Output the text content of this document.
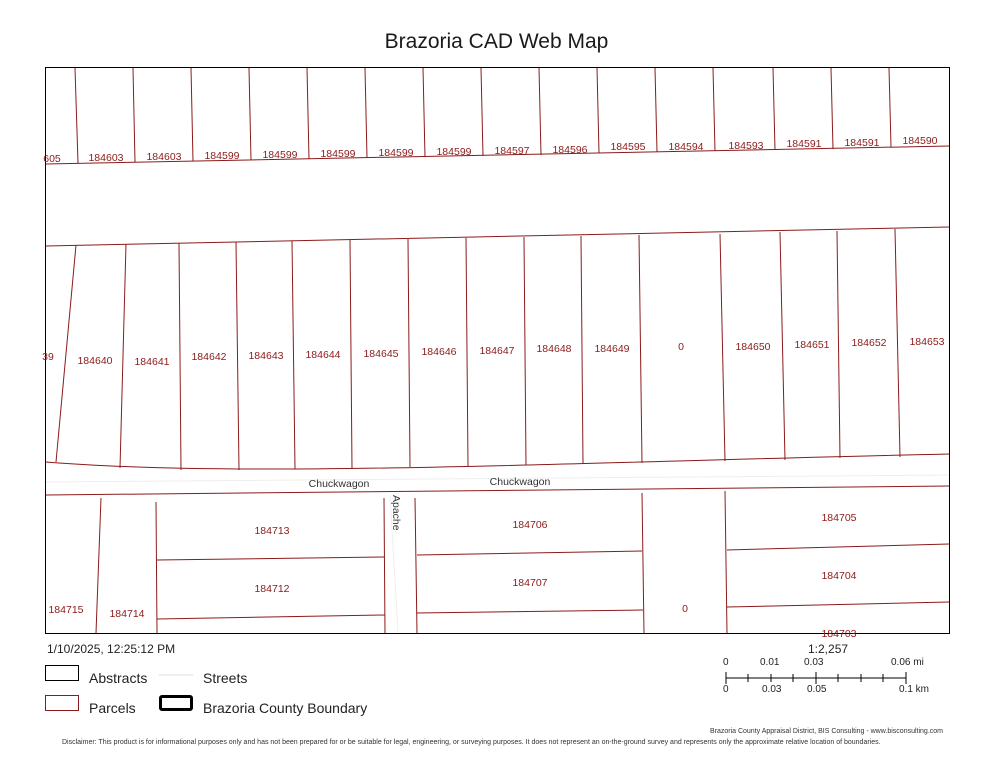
Brazoria CAD Web Map
605	184603 184603 184599 184599 184599 184599 184599 184597 184596 184595 184594 184593 184591 184591 184590
39 184640 184641 184642 184643 184644 184645 184646 184647 184648 184649	0	184650 184651 184652 184653
Chuckwagon	Chuckwagon
Apache
184715 184714
184713
184712
184706
184707
0
184705
184704
184703
1/10/2025, 12:25:12 PM	1:2,257
Abstracts	Streets
Parcels	Brazoria County Boundary
0	0.01 0.03	0.06 mi
0	0.03	0.05	0.1 km
Brazoria County Appraisal District, BIS Consulting - www.bisconsulting.com
Disclaimer: This product is for informational purposes only and has not been prepared for or be suitable for legal, engineering, or surveying purposes. It does not represent an on-the-ground survey and represents only the approximate relative location of boundaries.
